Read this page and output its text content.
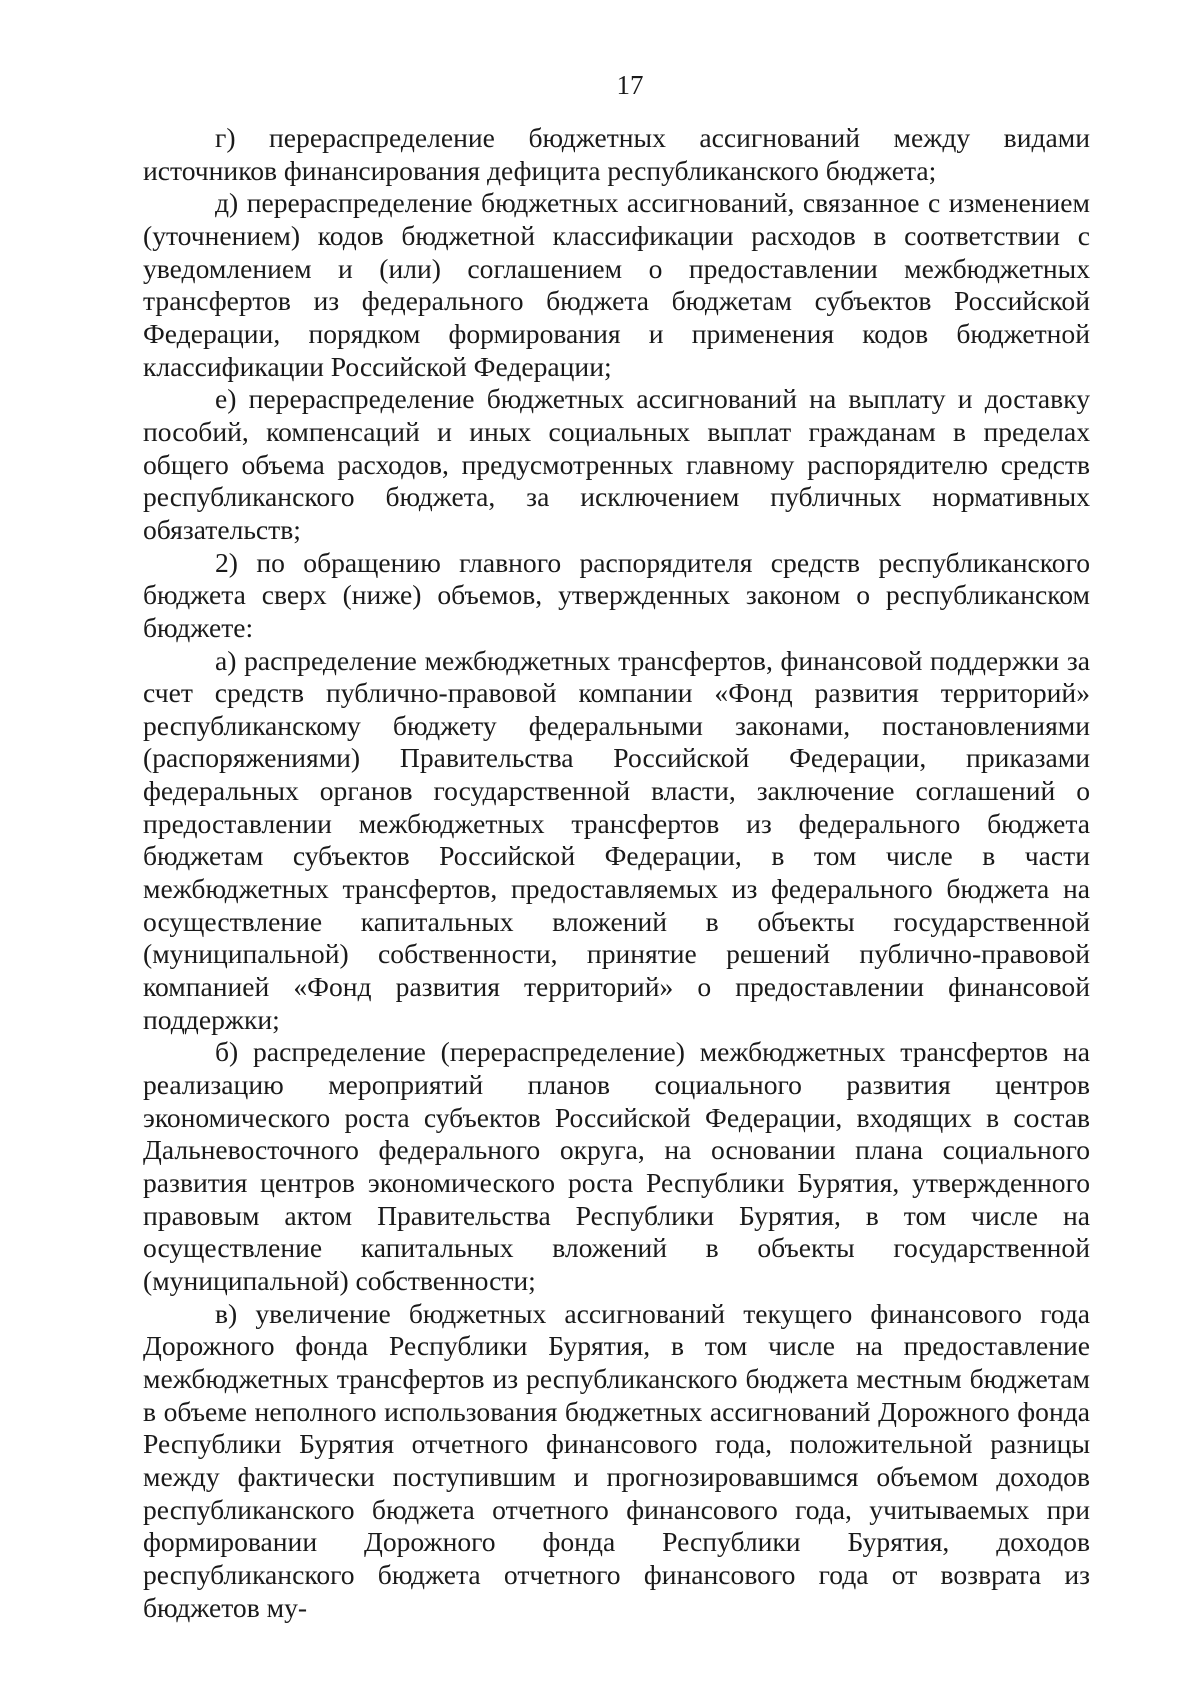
17

г) перераспределение бюджетных ассигнований между видами источников финансирования дефицита республиканского бюджета;

д) перераспределение бюджетных ассигнований, связанное с изменением (уточнением) кодов бюджетной классификации расходов в соответствии с уведомлением и (или) соглашением о предоставлении межбюджетных трансфертов из федерального бюджета бюджетам субъектов Российской Федерации, порядком формирования и применения кодов бюджетной классификации Российской Федерации;

е) перераспределение бюджетных ассигнований на выплату и доставку пособий, компенсаций и иных социальных выплат гражданам в пределах общего объема расходов, предусмотренных главному распорядителю средств республиканского бюджета, за исключением публичных нормативных обязательств;

2) по обращению главного распорядителя средств республиканского бюджета сверх (ниже) объемов, утвержденных законом о республиканском бюджете:

а) распределение межбюджетных трансфертов, финансовой поддержки за счет средств публично-правовой компании «Фонд развития территорий» республиканскому бюджету федеральными законами, постановлениями (распоряжениями) Правительства Российской Федерации, приказами федеральных органов государственной власти, заключение соглашений о предоставлении межбюджетных трансфертов из федерального бюджета бюджетам субъектов Российской Федерации, в том числе в части межбюджетных трансфертов, предоставляемых из федерального бюджета на осуществление капитальных вложений в объекты государственной (муниципальной) собственности, принятие решений публично-правовой компанией «Фонд развития территорий» о предоставлении финансовой поддержки;

б) распределение (перераспределение) межбюджетных трансфертов на реализацию мероприятий планов социального развития центров экономического роста субъектов Российской Федерации, входящих в состав Дальневосточного федерального округа, на основании плана социального развития центров экономического роста Республики Бурятия, утвержденного правовым актом Правительства Республики Бурятия, в том числе на осуществление капитальных вложений в объекты государственной (муниципальной) собственности;

в) увеличение бюджетных ассигнований текущего финансового года Дорожного фонда Республики Бурятия, в том числе на предоставление межбюджетных трансфертов из республиканского бюджета местным бюджетам в объеме неполного использования бюджетных ассигнований Дорожного фонда Республики Бурятия отчетного финансового года, положительной разницы между фактически поступившим и прогнозировавшимся объемом доходов республиканского бюджета отчетного финансового года, учитываемых при формировании Дорожного фонда Республики Бурятия, доходов республиканского бюджета отчетного финансового года от возврата из бюджетов му-
